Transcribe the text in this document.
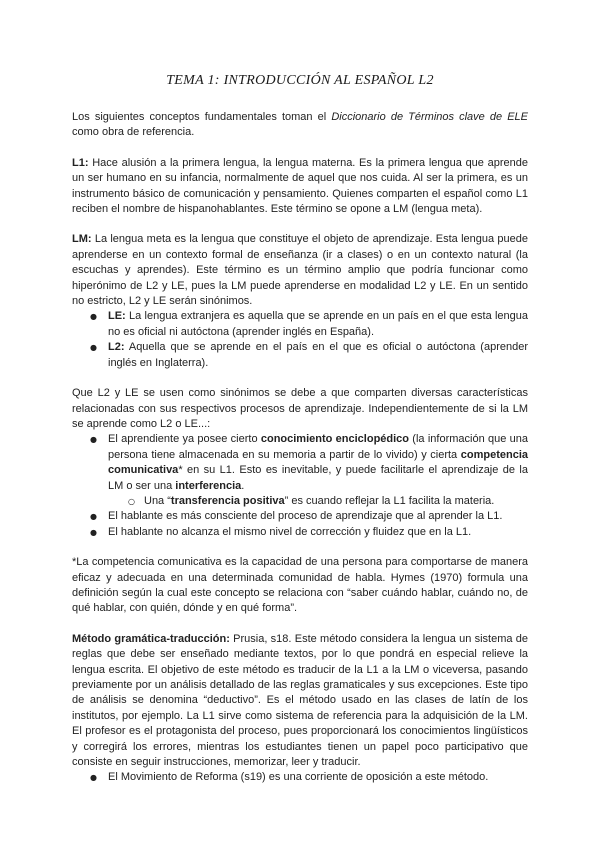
TEMA 1: INTRODUCCIÓN AL ESPAÑOL L2

Los siguientes conceptos fundamentales toman el Diccionario de Términos clave de ELE como obra de referencia.

L1: Hace alusión a la primera lengua, la lengua materna. Es la primera lengua que aprende un ser humano en su infancia, normalmente de aquel que nos cuida. Al ser la primera, es un instrumento básico de comunicación y pensamiento. Quienes comparten el español como L1 reciben el nombre de hispanohablantes. Este término se opone a LM (lengua meta).

LM: La lengua meta es la lengua que constituye el objeto de aprendizaje. Esta lengua puede aprenderse en un contexto formal de enseñanza (ir a clases) o en un contexto natural (la escuchas y aprendes). Este término es un término amplio que podría funcionar como hiperónimo de L2 y LE, pues la LM puede aprenderse en modalidad L2 y LE. En un sentido no estricto, L2 y LE serán sinónimos.

● LE: La lengua extranjera es aquella que se aprende en un país en el que esta lengua no es oficial ni autóctona (aprender inglés en España).
● L2: Aquella que se aprende en el país en el que es oficial o autóctona (aprender inglés en Inglaterra).

Que L2 y LE se usen como sinónimos se debe a que comparten diversas características relacionadas con sus respectivos procesos de aprendizaje. Independientemente de si la LM se aprende como L2 o LE...:

● El aprendiente ya posee cierto conocimiento enciclopédico (la información que una persona tiene almacenada en su memoria a partir de lo vivido) y cierta competencia comunicativa* en su L1. Esto es inevitable, y puede facilitarle el aprendizaje de la LM o ser una interferencia.
○ Una “transferencia positiva” es cuando reflejar la L1 facilita la materia.
● El hablante es más consciente del proceso de aprendizaje que al aprender la L1.
● El hablante no alcanza el mismo nivel de corrección y fluidez que en la L1.

*La competencia comunicativa es la capacidad de una persona para comportarse de manera eficaz y adecuada en una determinada comunidad de habla. Hymes (1970) formula una definición según la cual este concepto se relaciona con “saber cuándo hablar, cuándo no, de qué hablar, con quién, dónde y en qué forma”.

Método gramática-traducción: Prusia, s18. Este método considera la lengua un sistema de reglas que debe ser enseñado mediante textos, por lo que pondrá en especial relieve la lengua escrita. El objetivo de este método es traducir de la L1 a la LM o viceversa, pasando previamente por un análisis detallado de las reglas gramaticales y sus excepciones. Este tipo de análisis se denomina “deductivo”. Es el método usado en las clases de latín de los institutos, por ejemplo. La L1 sirve como sistema de referencia para la adquisición de la LM. El profesor es el protagonista del proceso, pues proporcionará los conocimientos lingüísticos y corregirá los errores, mientras los estudiantes tienen un papel poco participativo que consiste en seguir instrucciones, memorizar, leer y traducir.

● El Movimiento de Reforma (s19) es una corriente de oposición a este método.
